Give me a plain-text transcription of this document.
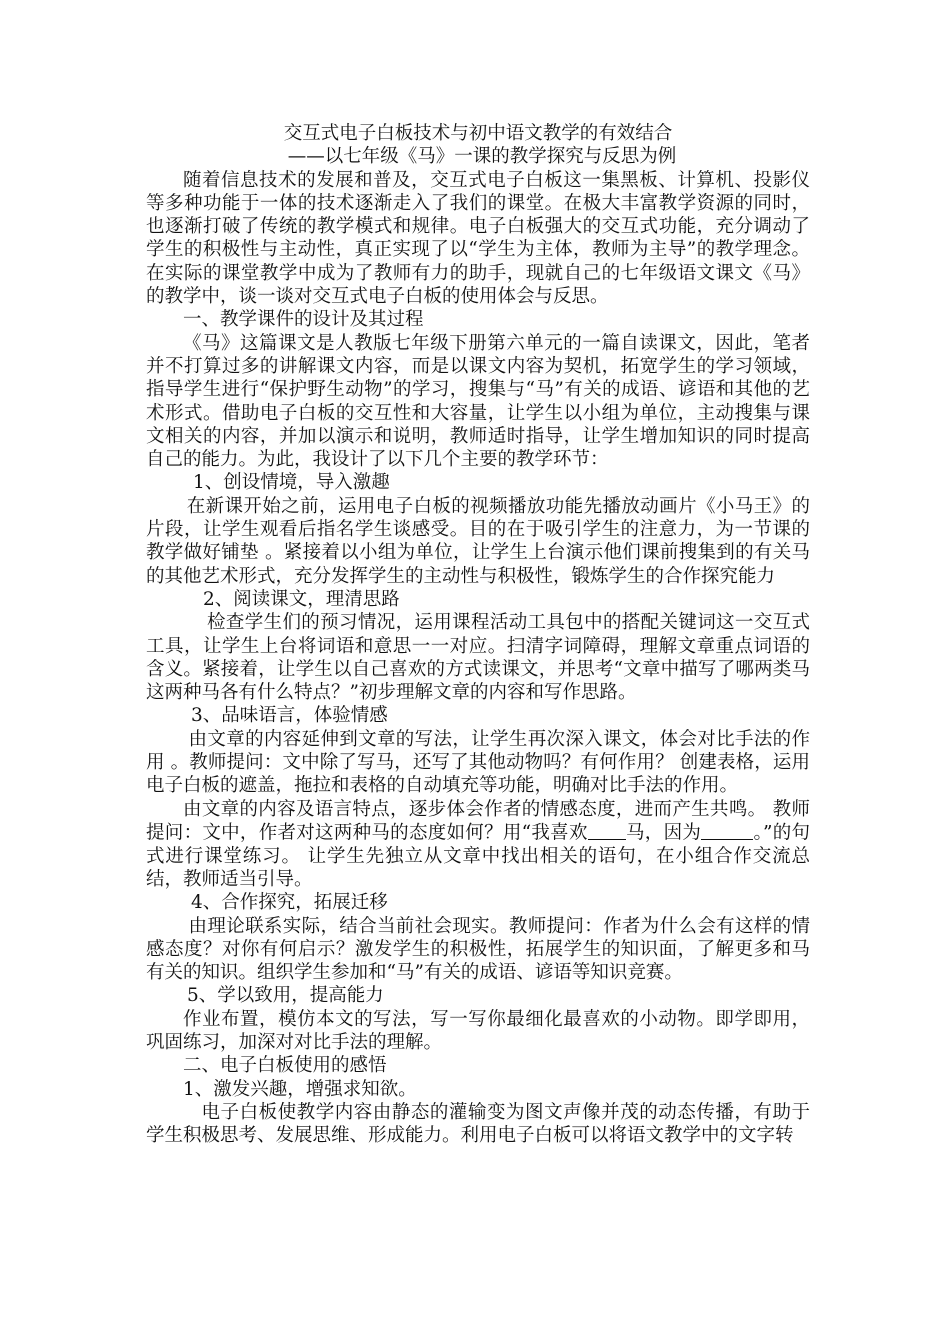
交互式电子白板技术与初中语文教学的有效结合
——以七年级《马》一课的教学探究与反思为例
随着信息技术的发展和普及，交互式电子白板这一集黑板、计算机、投影仪等多种功能于一体的技术逐渐走入了我们的课堂。在极大丰富教学资源的同时，也逐渐打破了传统的教学模式和规律。电子白板强大的交互式功能，充分调动了学生的积极性与主动性，真正实现了以“学生为主体，教师为主导”的教学理念。在实际的课堂教学中成为了教师有力的助手，现就自己的七年级语文课文《马》的教学中，谈一谈对交互式电子白板的使用体会与反思。
一、教学课件的设计及其过程
《马》这篇课文是人教版七年级下册第六单元的一篇自读课文，因此，笔者并不打算过多的讲解课文内容，而是以课文内容为契机，拓宽学生的学习领域，指导学生进行“保护野生动物”的学习，搜集与“马”有关的成语、谚语和其他的艺术形式。借助电子白板的交互性和大容量，让学生以小组为单位，主动搜集与课文相关的内容，并加以演示和说明，教师适时指导，让学生增加知识的同时提高自己的能力。为此，我设计了以下几个主要的教学环节：
1、创设情境，导入激趣
在新课开始之前，运用电子白板的视频播放功能先播放动画片《小马王》的片段，让学生观看后指名学生谈感受。目的在于吸引学生的注意力，为一节课的教学做好铺垫 。紧接着以小组为单位，让学生上台演示他们课前搜集到的有关马的其他艺术形式，充分发挥学生的主动性与积极性，锻炼学生的合作探究能力
2、阅读课文，理清思路
检查学生们的预习情况，运用课程活动工具包中的搭配关键词这一交互式工具，让学生上台将词语和意思一一对应。扫清字词障碍，理解文章重点词语的含义。紧接着，让学生以自己喜欢的方式读课文，并思考“文章中描写了哪两类马这两种马各有什么特点？”初步理解文章的内容和写作思路。
3、品味语言，体验情感
由文章的内容延伸到文章的写法，让学生再次深入课文，体会对比手法的作用 。教师提问：文中除了写马，还写了其他动物吗？有何作用？ 创建表格，运用电子白板的遮盖，拖拉和表格的自动填充等功能，明确对比手法的作用。
由文章的内容及语言特点，逐步体会作者的情感态度，进而产生共鸣。 教师提问：文中，作者对这两种马的态度如何？用“我喜欢 马，因为	。”的句式进行课堂练习。 让学生先独立从文章中找出相关的语句，在小组合作交流总结，教师适当引导。
4、合作探究，拓展迁移
由理论联系实际，结合当前社会现实。教师提问：作者为什么会有这样的情感态度？对你有何启示？激发学生的积极性，拓展学生的知识面，了解更多和马有关的知识。组织学生参加和“马”有关的成语、谚语等知识竞赛。
5、学以致用，提高能力
作业布置，模仿本文的写法，写一写你最细化最喜欢的小动物。即学即用，巩固练习，加深对对比手法的理解。
二、电子白板使用的感悟
1、激发兴趣，增强求知欲。
电子白板使教学内容由静态的灌输变为图文声像并茂的动态传播，有助于学生积极思考、发展思维、形成能力。利用电子白板可以将语文教学中的文字转
